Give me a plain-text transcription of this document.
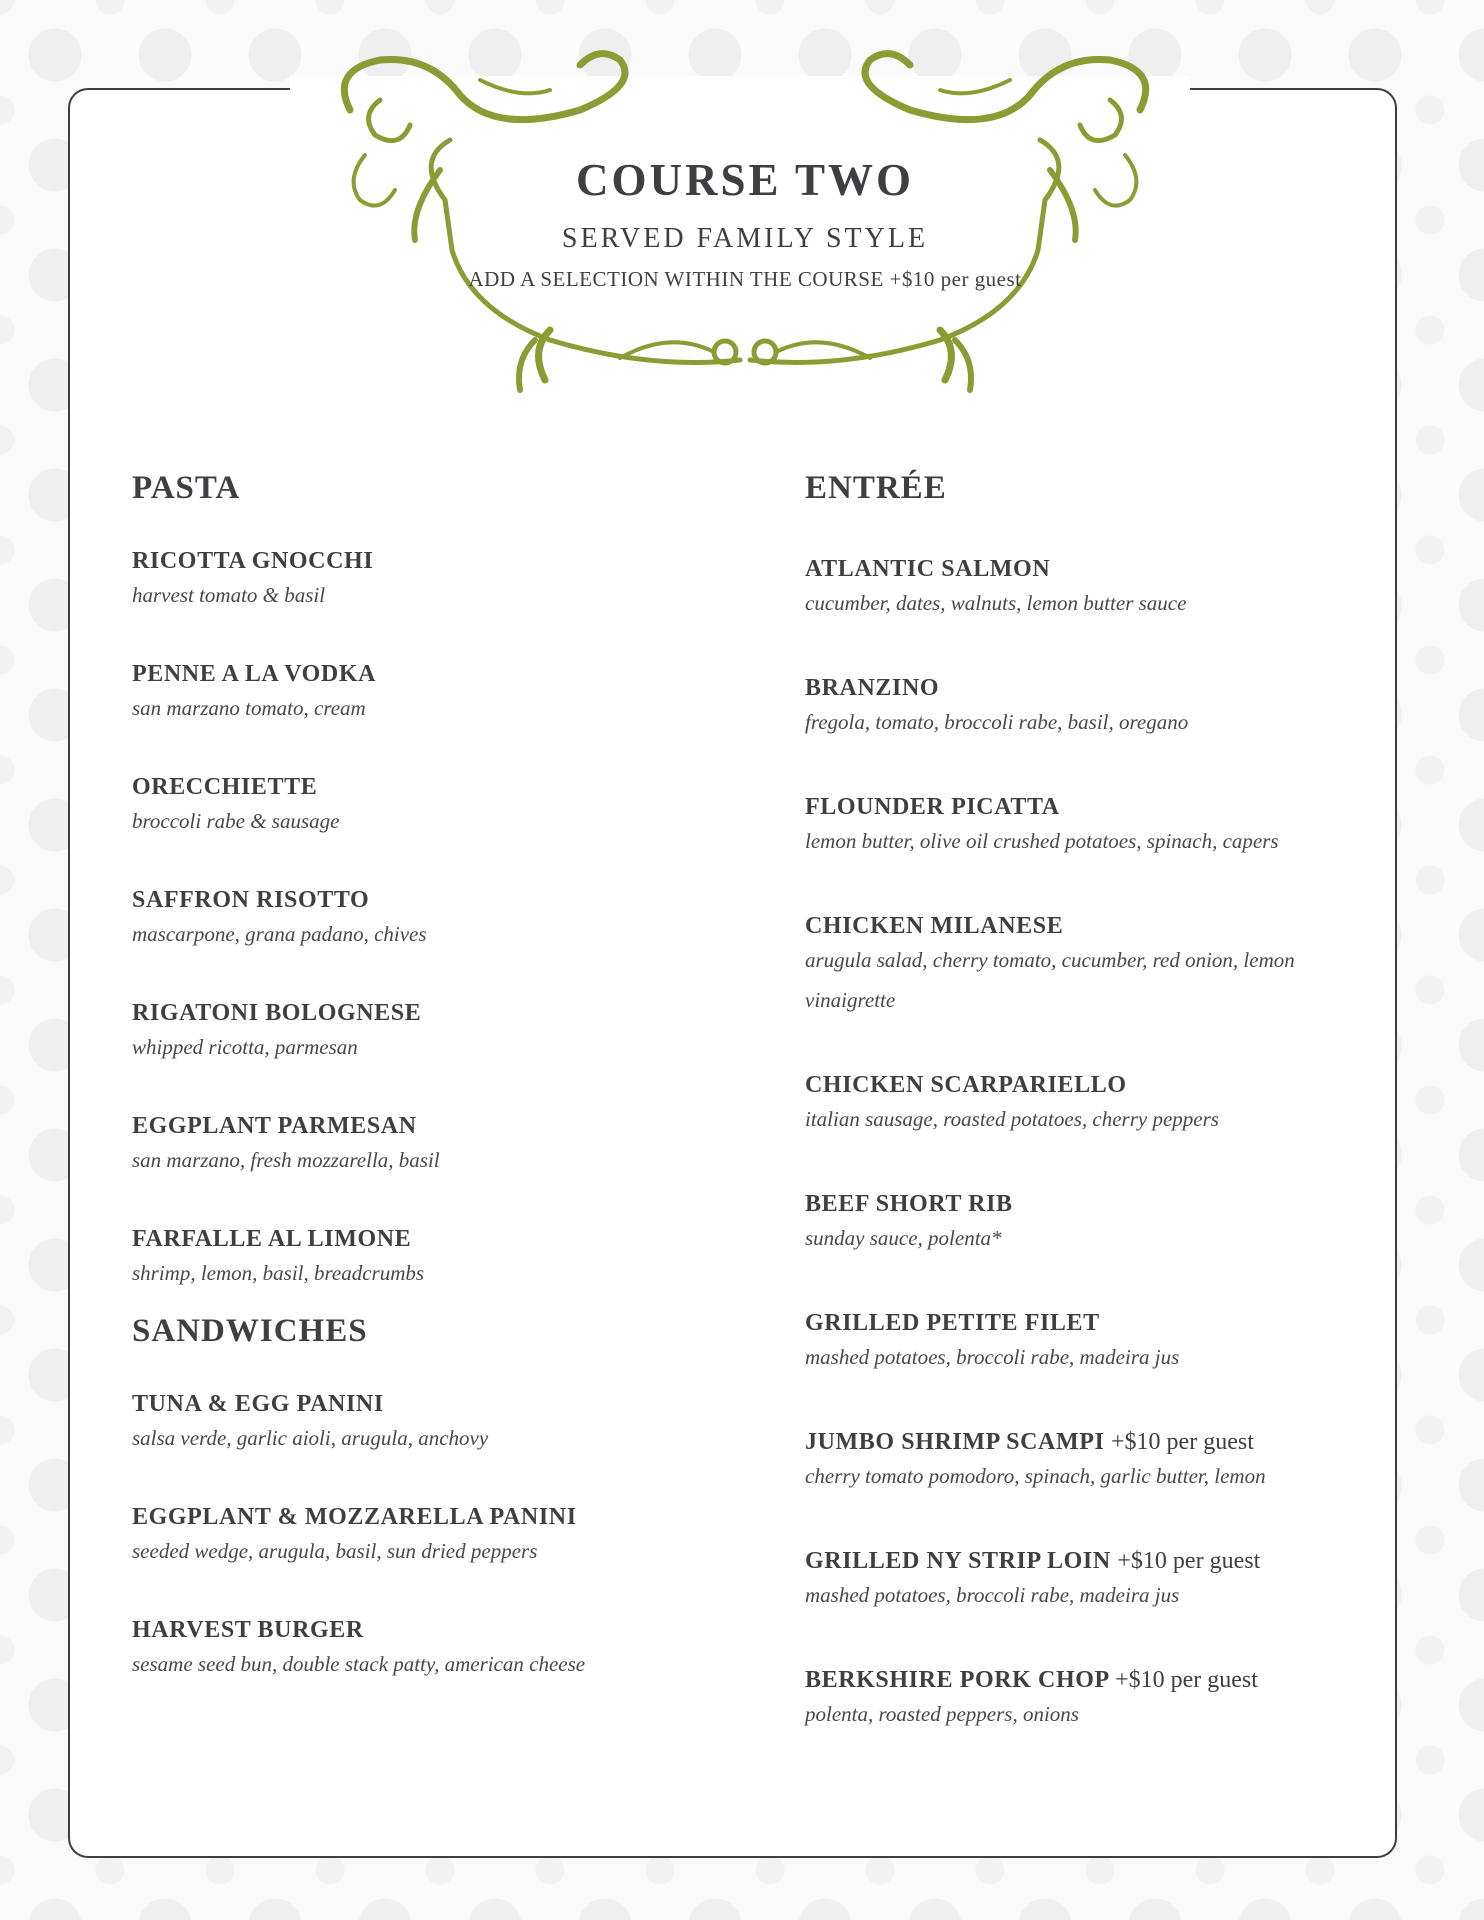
COURSE TWO
SERVED FAMILY STYLE
ADD A SELECTION WITHIN THE COURSE +$10 per guest
PASTA
RICOTTA GNOCCHI
harvest tomato & basil
PENNE A LA VODKA
san marzano tomato, cream
ORECCHIETTE
broccoli rabe & sausage
SAFFRON RISOTTO
mascarpone, grana padano, chives
RIGATONI BOLOGNESE
whipped ricotta, parmesan
EGGPLANT PARMESAN
san marzano, fresh mozzarella, basil
FARFALLE AL LIMONE
shrimp, lemon, basil, breadcrumbs
SANDWICHES
TUNA & EGG PANINI
salsa verde, garlic aioli, arugula, anchovy
EGGPLANT & MOZZARELLA PANINI
seeded wedge, arugula, basil, sun dried peppers
HARVEST BURGER
sesame seed bun, double stack patty, american cheese
ENTRÉE
ATLANTIC SALMON
cucumber, dates, walnuts, lemon butter sauce
BRANZINO
fregola, tomato, broccoli rabe, basil, oregano
FLOUNDER PICATTA
lemon butter, olive oil crushed potatoes, spinach, capers
CHICKEN MILANESE
arugula salad, cherry tomato, cucumber, red onion, lemon vinaigrette
CHICKEN SCARPARIELLO
italian sausage, roasted potatoes, cherry peppers
BEEF SHORT RIB
sunday sauce, polenta*
GRILLED PETITE FILET
mashed potatoes, broccoli rabe, madeira jus
JUMBO SHRIMP SCAMPI +$10 per guest
cherry tomato pomodoro, spinach, garlic butter, lemon
GRILLED NY STRIP LOIN +$10 per guest
mashed potatoes, broccoli rabe, madeira jus
BERKSHIRE PORK CHOP +$10 per guest
polenta, roasted peppers, onions
